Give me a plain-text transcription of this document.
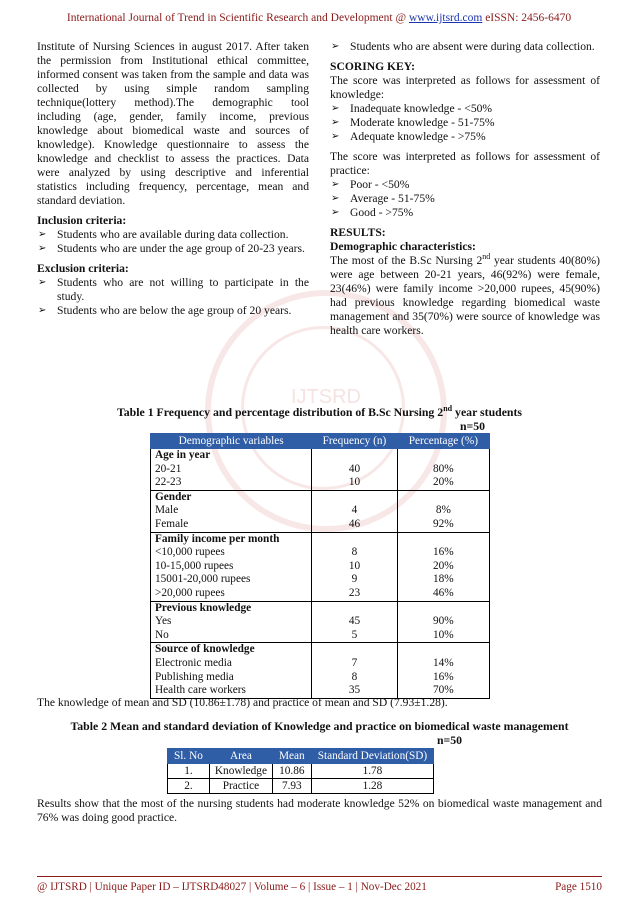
IJTSRD
International Journal of Trend in Scientific Research and Development @ www.ijtsrd.com eISSN: 2456-6470

Institute of Nursing Sciences in august 2017. After taken the permission from Institutional ethical committee, informed consent was taken from the sample and data was collected by using simple random sampling technique(lottery method).The demographic tool including (age, gender, family income, previous knowledge about biomedical waste and sources of knowledge). Knowledge questionnaire to assess the knowledge and checklist to assess the practices. Data were analyzed by using descriptive and inferential statistics including frequency, percentage, mean and standard deviation.

Inclusion criteria:

➢ Students who are available during data collection.
➢ Students who are under the age group of 20-23 years.

Exclusion criteria:

➢ Students who are not willing to participate in the study.
➢ Students who are below the age group of 20 years.
➢ Students who are absent were during data collection.

SCORING KEY:

The score was interpreted as follows for assessment of knowledge:

➢ Inadequate knowledge - <50%
➢ Moderate knowledge - 51-75%
➢ Adequate knowledge - >75%

The score was interpreted as follows for assessment of practice:

➢ Poor - <50%
➢ Average - 51-75%
➢ Good - >75%

RESULTS:

Demographic characteristics:

The most of the B.Sc Nursing 2nd year students 40(80%) were age between 20-21 years, 46(92%) were female, 23(46%) were family income >20,000 rupees, 45(90%) had previous knowledge regarding biomedical waste management and 35(70%) were source of knowledge was health care workers.

Table 1 Frequency and percentage distribution of B.Sc Nursing 2nd year students
n=50
Demographic variables	Frequency (n)	Percentage (%)
Age in year		
20-21	40	80%
22-23	10	20%
Gender		
Male	4	8%
Female	46	92%
Family income per month		
<10,000 rupees	8	16%
10-15,000 rupees	10	20%
15001-20,000 rupees	9	18%
>20,000 rupees	23	46%
Previous knowledge		
Yes	45	90%
No	5	10%
Source of knowledge		
Electronic media	7	14%
Publishing media	8	16%
Health care workers	35	70%
The knowledge of mean and SD (10.86±1.78) and practice of mean and SD (7.93±1.28).
Table 2 Mean and standard deviation of Knowledge and practice on biomedical waste management
n=50
Sl. No	Area	Mean	Standard Deviation(SD)
1.	Knowledge	10.86	1.78
2.	Practice	7.93	1.28
Results show that the most of the nursing students had moderate knowledge 52% on biomedical waste management and 76% was doing good practice.
@ IJTSRD | Unique Paper ID – IJTSRD48027 | Volume – 6 | Issue – 1 | Nov-Dec 2021	Page 1510
